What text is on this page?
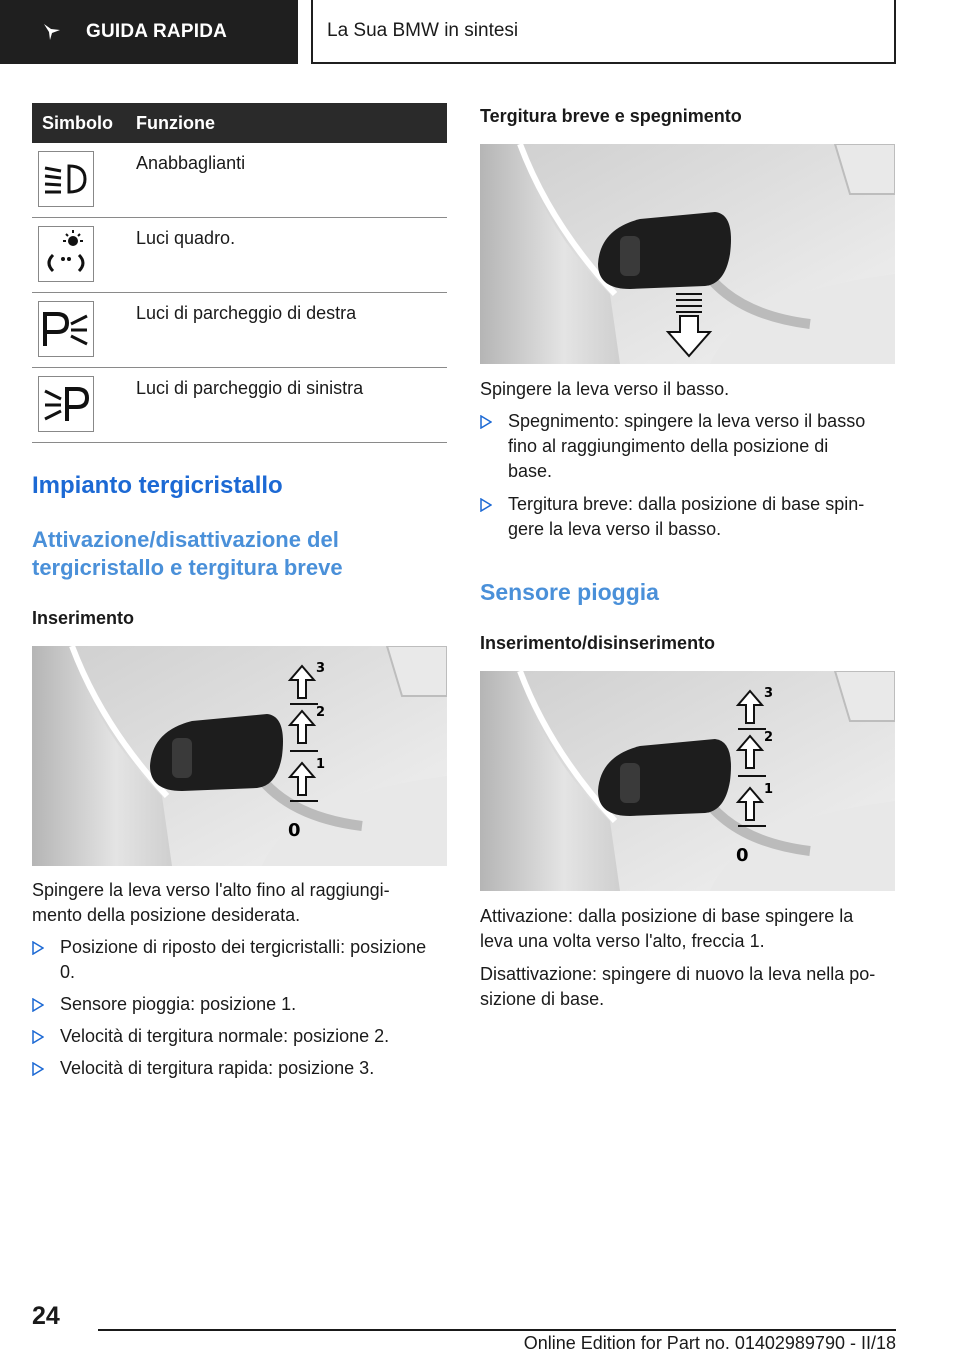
GUIDA RAPIDA	La Sua BMW in sintesi
Simbolo	Funzione
Anabbaglianti
Luci quadro.
Luci di parcheggio di destra
Luci di parcheggio di sinistra
Impianto tergicristallo
Attivazione/disattivazione del
tergicristallo e tergitura breve
Inserimento
3
2
1
0
Spingere la leva verso l'alto fino al raggiungi-
mento della posizione desiderata.
Posizione di riposto dei tergicristalli: posizione
0.
Sensore pioggia: posizione 1.
Velocità di tergitura normale: posizione 2.
Velocità di tergitura rapida: posizione 3.
Tergitura breve e spegnimento
Spingere la leva verso il basso.
Spegnimento: spingere la leva verso il basso
fino al raggiungimento della posizione di
base.
Tergitura breve: dalla posizione di base spin-
gere la leva verso il basso.
Sensore pioggia
Inserimento/disinserimento
3
2
1
0
Attivazione: dalla posizione di base spingere la
leva una volta verso l'alto, freccia 1.
Disattivazione: spingere di nuovo la leva nella po-
sizione di base.
24
Online Edition for Part no. 01402989790 - II/18
